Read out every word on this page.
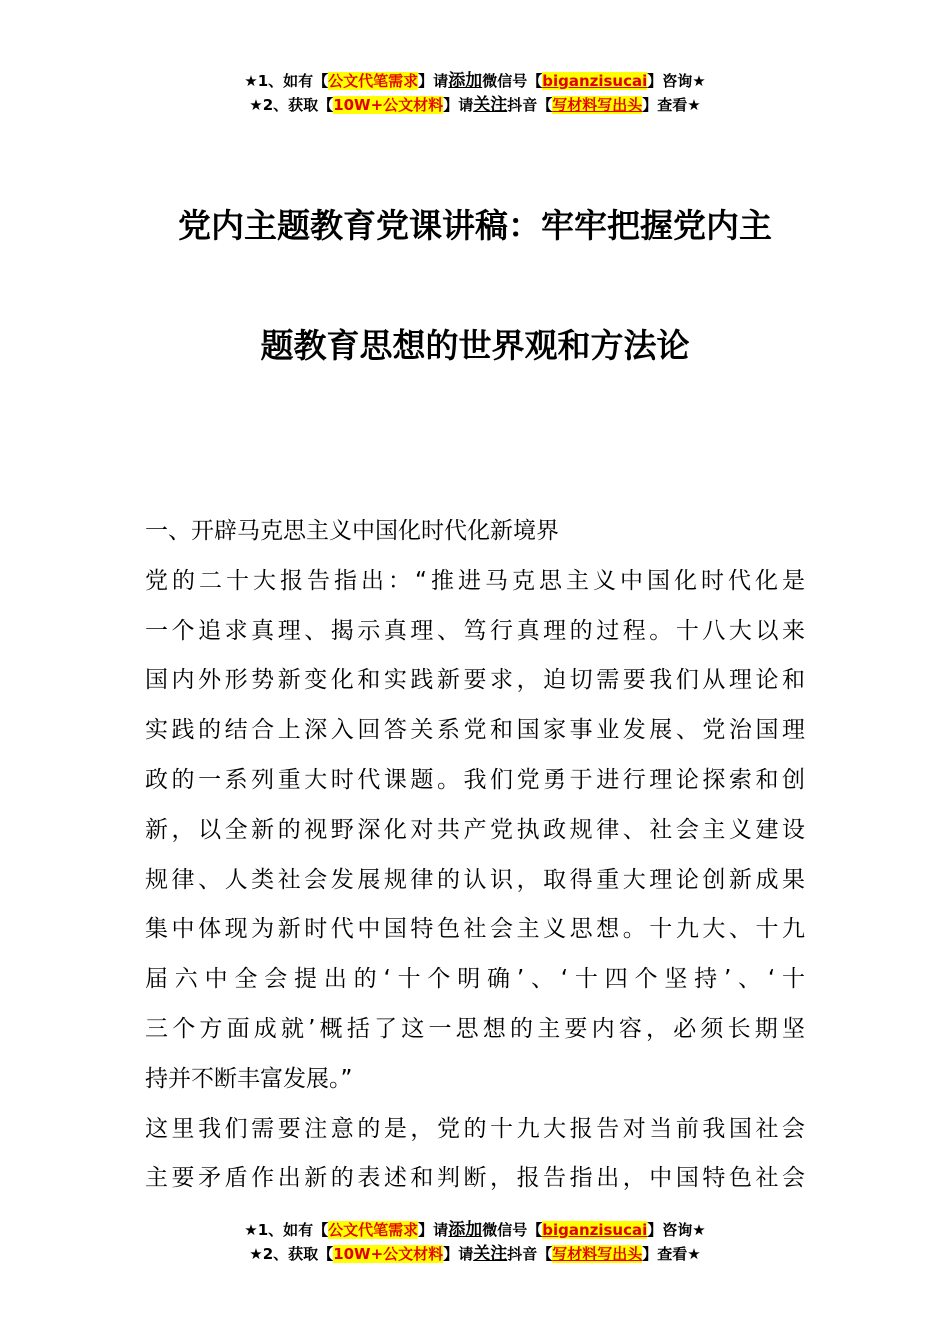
★1、如有【公文代笔需求】请添加微信号【biganzisucai】咨询★
★2、获取【10W+公文材料】请关注抖音【写材料写出头】查看★
党内主题教育党课讲稿：牢牢把握党内主
题教育思想的世界观和方法论
一、开辟马克思主义中国化时代化新境界
党的二十大报告指出：“推进马克思主义中国化时代化是
一个追求真理、揭示真理、笃行真理的过程。十八大以来
国内外形势新变化和实践新要求，迫切需要我们从理论和
实践的结合上深入回答关系党和国家事业发展、党治国理
政的一系列重大时代课题。我们党勇于进行理论探索和创
新，以全新的视野深化对共产党执政规律、社会主义建设
规律、人类社会发展规律的认识，取得重大理论创新成果
集中体现为新时代中国特色社会主义思想。十九大、十九
届六中全会提出的‘十个明确’、‘十四个坚持’、‘十
三个方面成就’概括了这一思想的主要内容，必须长期坚
持并不断丰富发展。”
这里我们需要注意的是，党的十九大报告对当前我国社会
主要矛盾作出新的表述和判断，报告指出，中国特色社会
★1、如有【公文代笔需求】请添加微信号【biganzisucai】咨询★
★2、获取【10W+公文材料】请关注抖音【写材料写出头】查看★
